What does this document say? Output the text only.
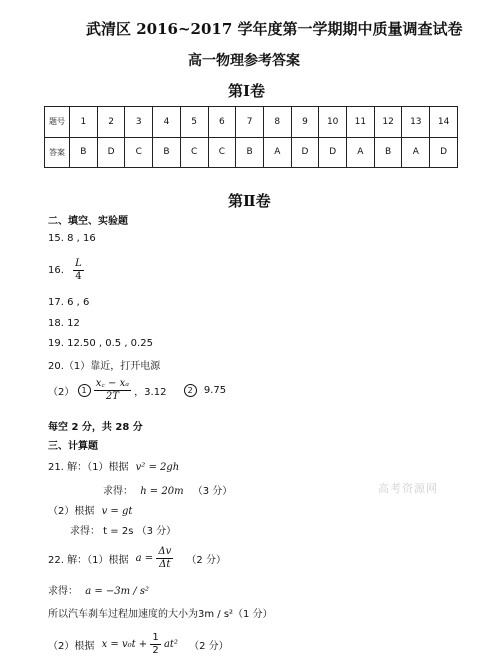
武清区 2016~2017 学年度第一学期期中质量调查试卷
高一物理参考答案
第Ⅰ卷
题号	1	2	3	4	5	6	7	8	9	10	11	12	13	14
答案	B	D	C	B	C	C	B	A	D	D	A	B	A	D
第Ⅱ卷
二、填空、实验题
15. 8 , 16
16. $\frac{L}{4}$
17. 6 , 6
18. 12
19. 12.50 , 0.5 , 0.25
20.（1）靠近，打开电源
（2） $1 \frac{\text{x꜀ − xₐ}}{2T}$ ，3.12	2 9.75
每空 2 分，共 28 分
三、计算题
21. 解：（1）根据 v² = 2gh
求得： h = 20m （3 分）	高考资源网
（2）根据 v = gt
求得： t = 2s （3 分）
22. 解：（1）根据 $a = \frac{\Delta v}{\Delta t} (2$ 分）
求得： a = −3m / s²
所以汽车刹车过程加速度的大小为3m / s²（1 分）
（2）根据 $x = v_0t + \frac{1}{2} at^2$ （2 分）
